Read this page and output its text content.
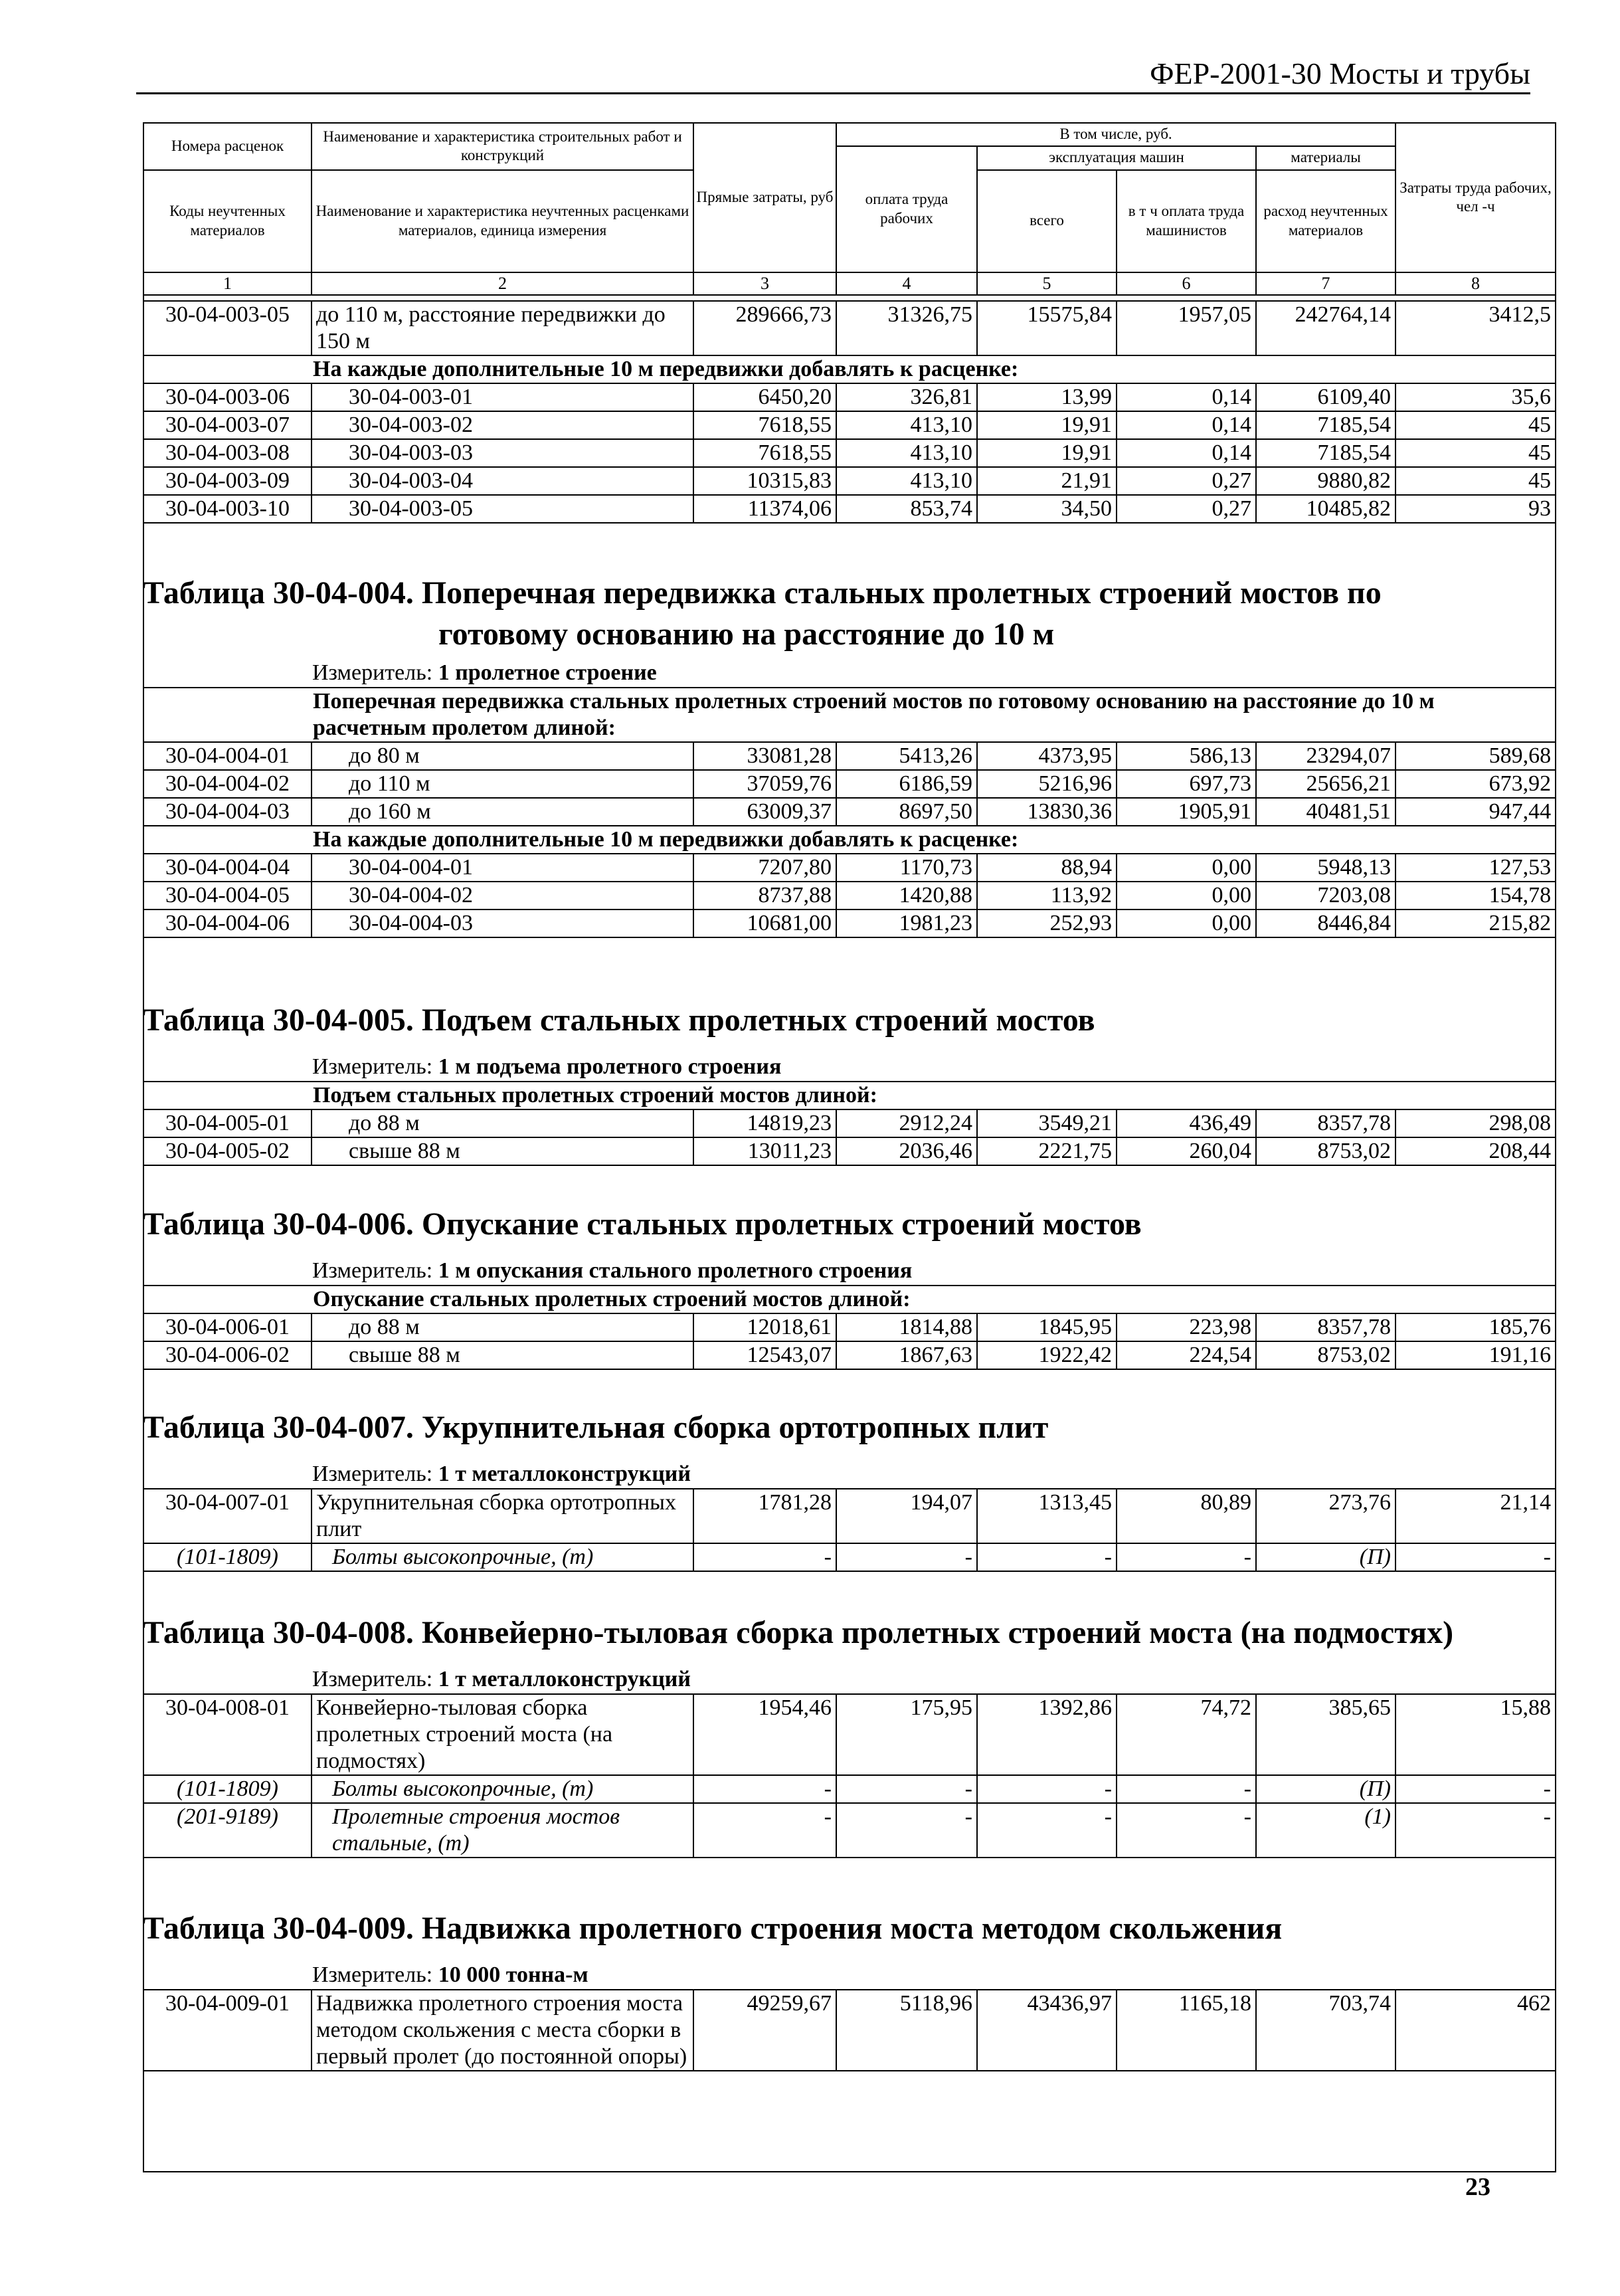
ФЕР-2001-30 Мосты и трубы
Номера расценок	Наименование и характеристика строительных работ и конструкций	Прямые затраты, руб	В том числе, руб.				Затраты труда рабочих, чел -ч
			оплата труда рабочих	эксплуатация машин		материалы	
Коды неучтенных материалов	Наименование и характеристика неучтенных расценками материалов, единица измерения			всего	в т ч оплата труда машинистов	расход неучтенных материалов	

1	2	3	4	5	6	7	8
30-04-003-05	до 110 м, расстояние передвижки до 150 м	289666,73	31326,75	15575,84	1957,05	242764,14	3412,5
На каждые дополнительные 10 м передвижки добавлять к расценке:							
30-04-003-06	30-04-003-01	6450,20	326,81	13,99	0,14	6109,40	35,6
30-04-003-07	30-04-003-02	7618,55	413,10	19,91	0,14	7185,54	45
30-04-003-08	30-04-003-03	7618,55	413,10	19,91	0,14	7185,54	45
30-04-003-09	30-04-003-04	10315,83	413,10	21,91	0,27	9880,82	45
30-04-003-10	30-04-003-05	11374,06	853,74	34,50	0,27	10485,82	93
Таблица 30-04-004. Поперечная передвижка стальных пролетных строений мостов по
готовому основанию на расстояние до 10 м
Измеритель: 1 пролетное строение
Поперечная передвижка стальных пролетных строений мостов по готовому основанию на расстояние до 10 м расчетным пролетом длиной:							
30-04-004-01	до 80 м	33081,28	5413,26	4373,95	586,13	23294,07	589,68
30-04-004-02	до 110 м	37059,76	6186,59	5216,96	697,73	25656,21	673,92
30-04-004-03	до 160 м	63009,37	8697,50	13830,36	1905,91	40481,51	947,44
На каждые дополнительные 10 м передвижки добавлять к расценке:							
30-04-004-04	30-04-004-01	7207,80	1170,73	88,94	0,00	5948,13	127,53
30-04-004-05	30-04-004-02	8737,88	1420,88	113,92	0,00	7203,08	154,78
30-04-004-06	30-04-004-03	10681,00	1981,23	252,93	0,00	8446,84	215,82
Таблица 30-04-005. Подъем стальных пролетных строений мостов
Измеритель: 1 м подъема пролетного строения
Подъем стальных пролетных строений мостов длиной:							
30-04-005-01	до 88 м	14819,23	2912,24	3549,21	436,49	8357,78	298,08
30-04-005-02	свыше 88 м	13011,23	2036,46	2221,75	260,04	8753,02	208,44
Таблица 30-04-006. Опускание стальных пролетных строений мостов
Измеритель: 1 м опускания стального пролетного строения
Опускание стальных пролетных строений мостов длиной:							
30-04-006-01	до 88 м	12018,61	1814,88	1845,95	223,98	8357,78	185,76
30-04-006-02	свыше 88 м	12543,07	1867,63	1922,42	224,54	8753,02	191,16
Таблица 30-04-007. Укрупнительная сборка ортотропных плит
Измеритель: 1 т металлоконструкций
30-04-007-01	Укрупнительная сборка ортотропных плит	1781,28	194,07	1313,45	80,89	273,76	21,14
(101-1809)	Болты высокопрочные, (т)	-	-	-	-	(П)	-
Таблица 30-04-008. Конвейерно-тыловая сборка пролетных строений моста (на подмостях)
Измеритель: 1 т металлоконструкций
30-04-008-01	Конвейерно-тыловая сборка пролетных строений моста (на подмостях)	1954,46	175,95	1392,86	74,72	385,65	15,88
(101-1809)	Болты высокопрочные, (т)	-	-	-	-	(П)	-
(201-9189)	Пролетные строения мостов стальные, (т)	-	-	-	-	(1)	-
Таблица 30-04-009. Надвижка пролетного строения моста методом скольжения
Измеритель: 10 000 тонна-м
30-04-009-01	Надвижка пролетного строения моста методом скольжения с места сборки в первый пролет (до постоянной опоры)	49259,67	5118,96	43436,97	1165,18	703,74	462
23
